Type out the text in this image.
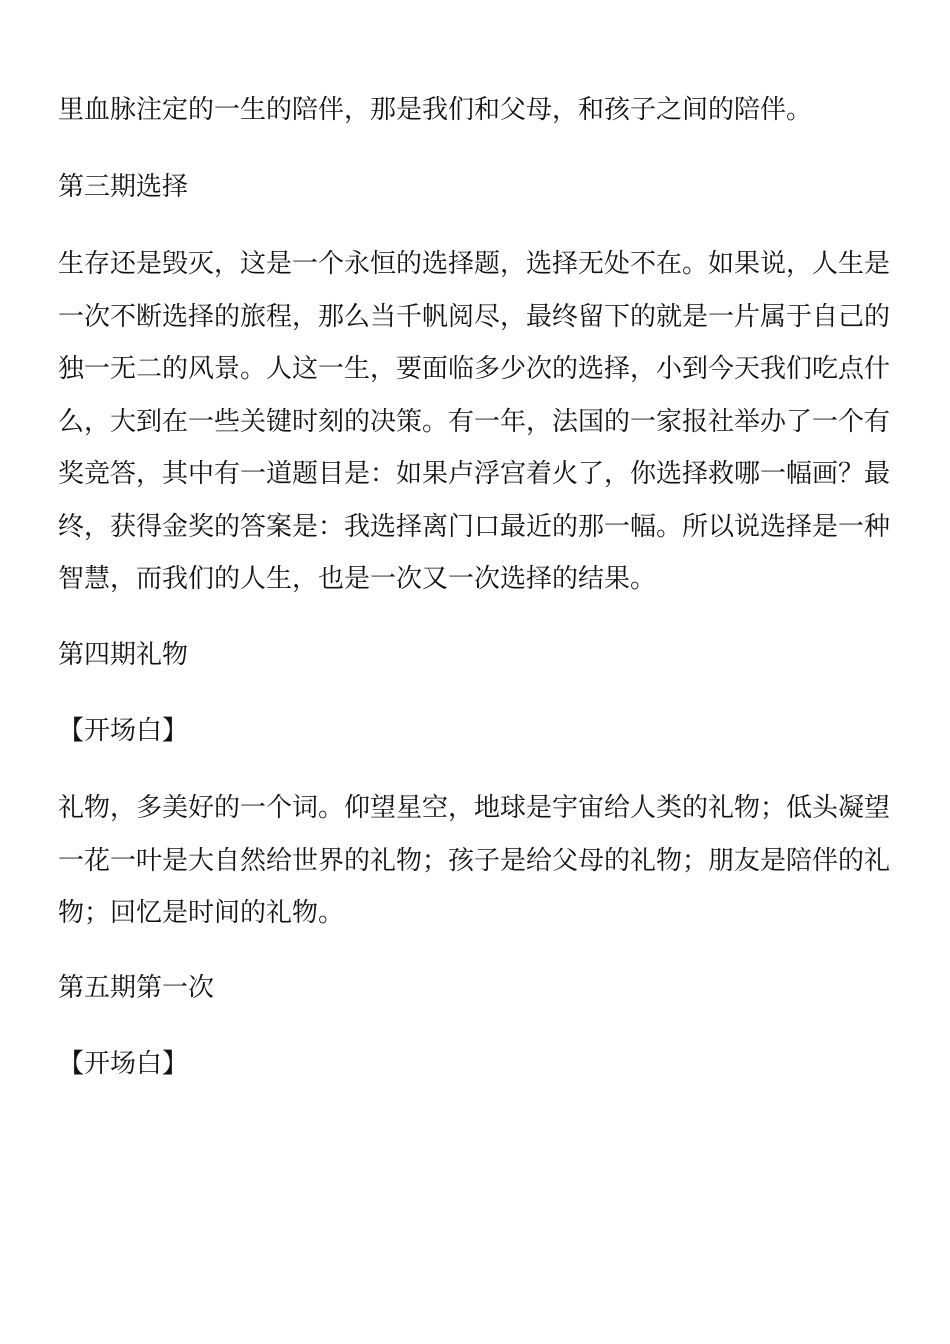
里血脉注定的一生的陪伴，那是我们和父母，和孩子之间的陪伴。
第三期选择
生存还是毁灭，这是一个永恒的选择题，选择无处不在。如果说，人生是
一次不断选择的旅程，那么当千帆阅尽，最终留下的就是一片属于自己的
独一无二的风景。人这一生，要面临多少次的选择，小到今天我们吃点什
么，大到在一些关键时刻的决策。有一年，法国的一家报社举办了一个有
奖竞答，其中有一道题目是：如果卢浮宫着火了，你选择救哪一幅画？最
终，获得金奖的答案是：我选择离门口最近的那一幅。所以说选择是一种
智慧，而我们的人生，也是一次又一次选择的结果。
第四期礼物
【开场白】
礼物，多美好的一个词。仰望星空，地球是宇宙给人类的礼物；低头凝望
一花一叶是大自然给世界的礼物；孩子是给父母的礼物；朋友是陪伴的礼
物；回忆是时间的礼物。
第五期第一次
【开场白】
